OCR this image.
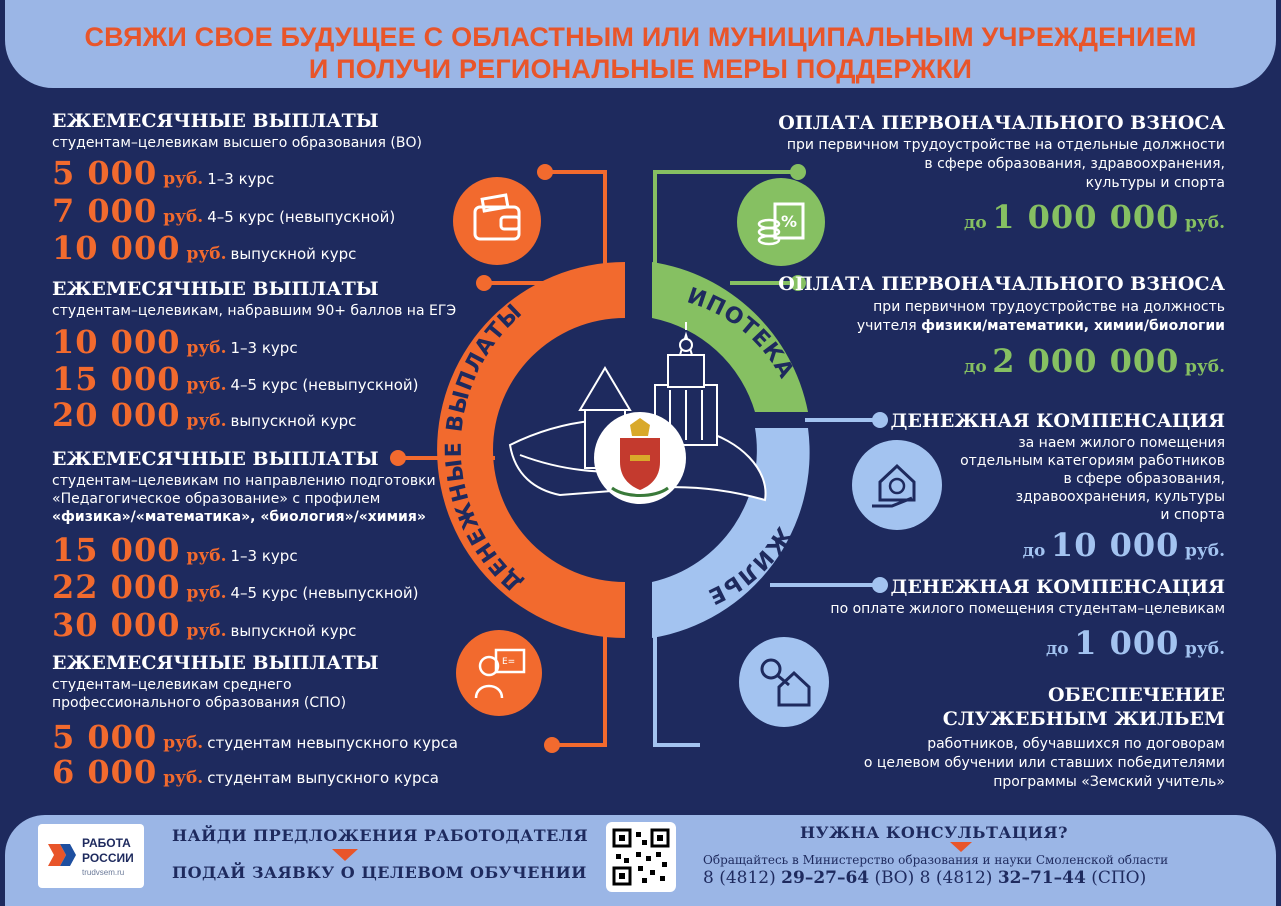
СВЯЖИ СВОЕ БУДУЩЕЕ С ОБЛАСТНЫМ ИЛИ МУНИЦИПАЛЬНЫМ УЧРЕЖДЕНИЕМ
И ПОЛУЧИ РЕГИОНАЛЬНЫЕ МЕРЫ ПОДДЕРЖКИ
ДЕНЕЖНЫЕ ВЫПЛАТЫ
ИПОТЕКА
ЖИЛЬЕ
E=
%
ЕЖЕМЕСЯЧНЫЕ ВЫПЛАТЫ
студентам–целевикам высшего образования (ВО)
5 000 руб. 1–3 курс
7 000 руб. 4–5 курс (невыпускной)
10 000 руб. выпускной курс
ЕЖЕМЕСЯЧНЫЕ ВЫПЛАТЫ
студентам–целевикам, набравшим 90+ баллов на ЕГЭ
10 000 руб. 1–3 курс
15 000 руб. 4–5 курс (невыпускной)
20 000 руб. выпускной курс
ЕЖЕМЕСЯЧНЫЕ ВЫПЛАТЫ
студентам–целевикам по направлению подготовки
«Педагогическое образование» с профилем
«физика»/«математика», «биология»/«химия»
15 000 руб. 1–3 курс
22 000 руб. 4–5 курс (невыпускной)
30 000 руб. выпускной курс
ЕЖЕМЕСЯЧНЫЕ ВЫПЛАТЫ
студентам–целевикам среднего
профессионального образования (СПО)
5 000 руб. студентам невыпускного курса
6 000 руб. студентам выпускного курса
ОПЛАТА ПЕРВОНАЧАЛЬНОГО ВЗНОСА
при первичном трудоустройстве на отдельные должности
в сфере образования, здравоохранения,
культуры и спорта
до 1 000 000 руб.
ОПЛАТА ПЕРВОНАЧАЛЬНОГО ВЗНОСА
при первичном трудоустройстве на должность
учителя физики/математики, химии/биологии
до 2 000 000 руб.
ДЕНЕЖНАЯ КОМПЕНСАЦИЯ
за наем жилого помещения
отдельным категориям работников
в сфере образования,
здравоохранения, культуры
и спорта
до 10 000 руб.
ДЕНЕЖНАЯ КОМПЕНСАЦИЯ
по оплате жилого помещения студентам–целевикам
до 1 000 руб.
ОБЕСПЕЧЕНИЕ
СЛУЖЕБНЫМ ЖИЛЬЕМ
работников, обучавшихся по договорам
о целевом обучении или ставших победителями
программы «Земский учитель»
РАБОТА
РОССИИ
trudvsem.ru
НАЙДИ ПРЕДЛОЖЕНИЯ РАБОТОДАТЕЛЯ
ПОДАЙ ЗАЯВКУ О ЦЕЛЕВОМ ОБУЧЕНИИ
НУЖНА КОНСУЛЬТАЦИЯ?
Обращайтесь в Министерство образования и науки Смоленской области
8 (4812) 29–27–64 (ВО) 8 (4812) 32–71–44 (СПО)
